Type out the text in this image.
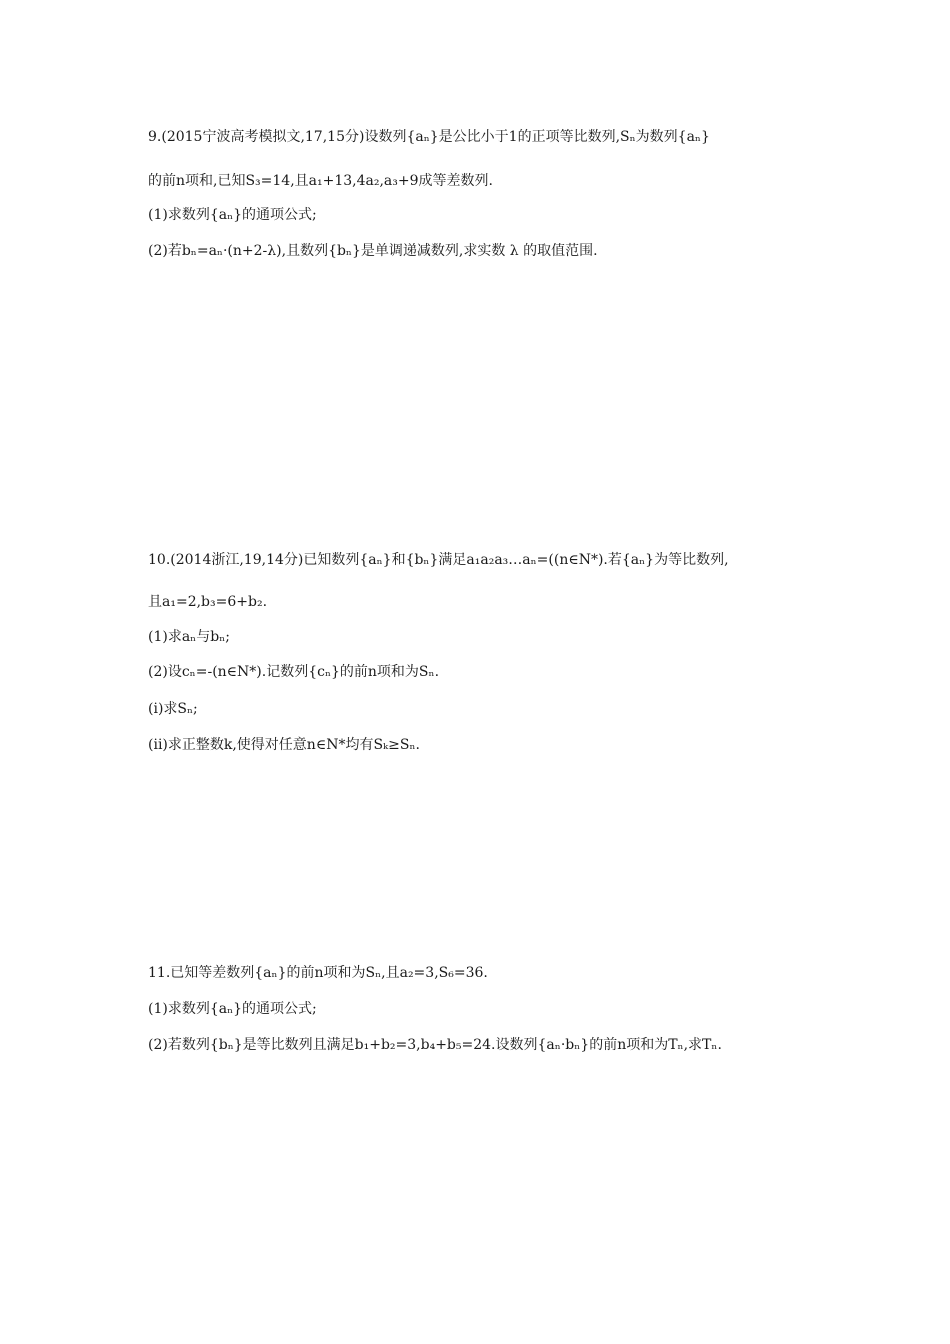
9.(2015宁波高考模拟文,17,15分)设数列{aₙ}是公比小于1的正项等比数列,Sₙ为数列{aₙ}
的前n项和,已知S₃=14,且a₁+13,4a₂,a₃+9成等差数列.
(1)求数列{aₙ}的通项公式;
(2)若bₙ=aₙ·(n+2-λ),且数列{bₙ}是单调递减数列,求实数 λ 的取值范围.
10.(2014浙江,19,14分)已知数列{aₙ}和{bₙ}满足a₁a₂a₃…aₙ=((n∈N*).若{aₙ}为等比数列,
且a₁=2,b₃=6+b₂.
(1)求aₙ与bₙ;
(2)设cₙ=-(n∈N*).记数列{cₙ}的前n项和为Sₙ.
(i)求Sₙ;
(ii)求正整数k,使得对任意n∈N*均有Sₖ≥Sₙ.
11.已知等差数列{aₙ}的前n项和为Sₙ,且a₂=3,S₆=36.
(1)求数列{aₙ}的通项公式;
(2)若数列{bₙ}是等比数列且满足b₁+b₂=3,b₄+b₅=24.设数列{aₙ·bₙ}的前n项和为Tₙ,求Tₙ.
